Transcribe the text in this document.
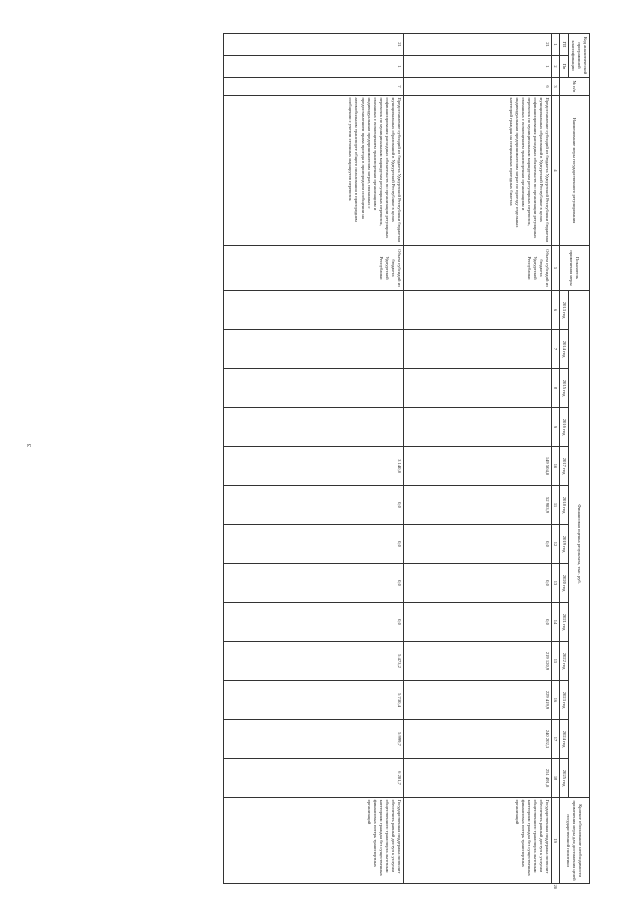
3
Код аналитической программной классификации		№ п/п	Наименование меры государственного регулирования	Показатель применения меры	Финансовая оценка результата, тыс. руб.													Краткое обоснование необходимости применения меры для достижения целей государственной политики	
ГП	Пп				2013 год	2014 год	2015 год	2016 год	2017 год	2018 год	2019 год	2020 год	2021 год	2022 год	2023 год	2024 год	2025 год		
1	2	3	4	5	6	7	8	9	10	11	12	13	14	15	16	17	18	19	20
21	1	6	Предоставление субсидий из бюджета Удмуртской Республики бюджетам муниципальных образований в Удмуртской Республике в целях софинансирования расходных обязательств по организации регулярных перевозок по муниципальным маршрутам регулярных перевозок, связанных с возмещением транспортным организациям и индивидуальным предпринимателям затрат по проезду отдельных категорий граждан на специальных проездных билетах	Объем субсидий из бюджета Удмуртской Республики					149 504,8	52 983,9	0,0	0,0	0,0	219 120,9	229 419,9	240 202,3	251 491,8	Государственная поддержка позволит обеспечить равный доступ к услугам общественного транспорта льготным категориям граждан без существенных финансовых потерь транспортных организаций	
21	1	7	Предоставление субсидий из бюджета Удмуртской Республики бюджетам муниципальных образований в Удмуртской Республике в целях софинансирования расходных обязательств по организации регулярных перевозок по муниципальным маршрутам регулярных перевозок, связанных с возмещением транспортным организациям и индивидуальным предпринимателям затрат, связанных с предоставлением права проезда в пригородном сообщении на автомобильном транспорте общего пользования в пригородном сообщении с учетом сезонных маршрутов перевозок	Объем субсидий из бюджета Удмуртской Республики					3 140,8	0,0	0,0	0,0	0,0	5 473,2	5 730,4	5 999,7	6 281,7	Государственная поддержка позволит обеспечить равный доступ к услугам общественного транспорта льготным категориям граждан без существенных финансовых потерь транспортных организаций	
